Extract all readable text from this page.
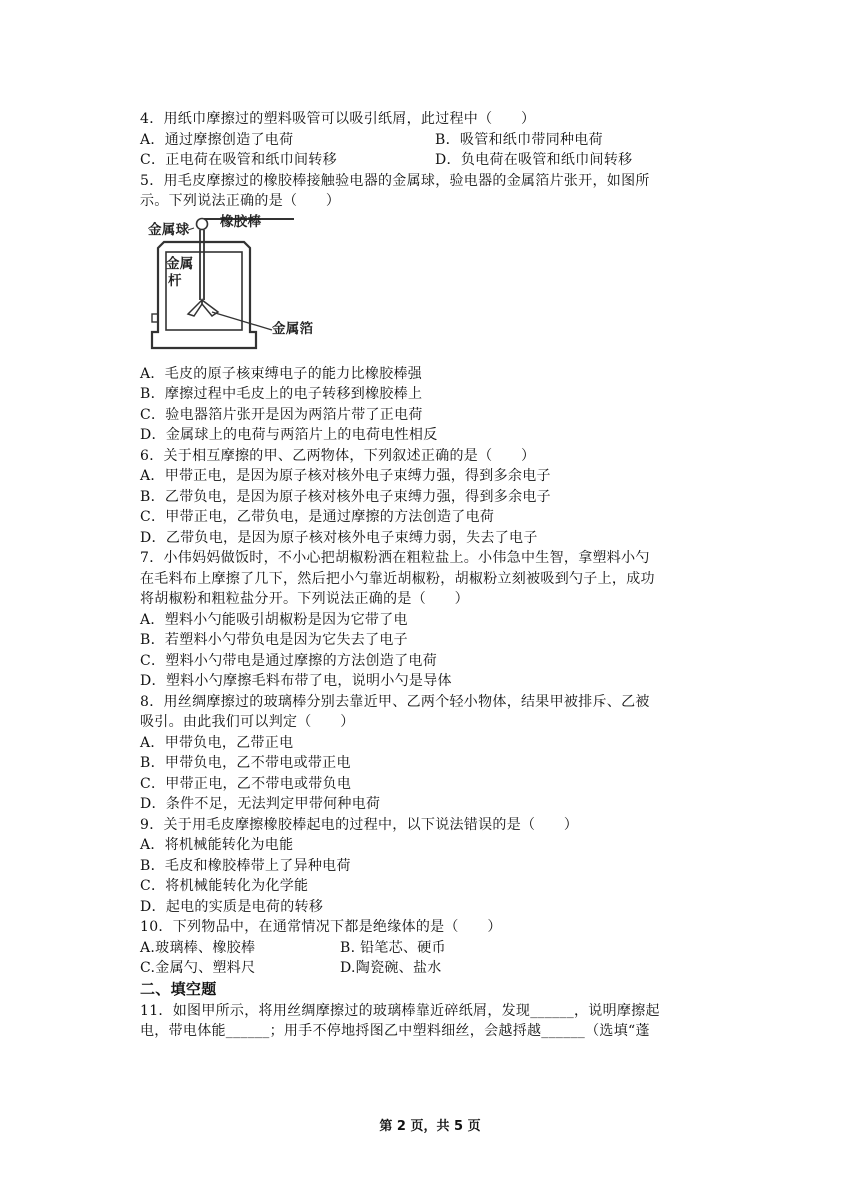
4．用纸巾摩擦过的塑料吸管可以吸引纸屑，此过程中（　　）
A．通过摩擦创造了电荷	B．吸管和纸巾带同种电荷
C．正电荷在吸管和纸巾间转移	D．负电荷在吸管和纸巾间转移
5．用毛皮摩擦过的橡胶棒接触验电器的金属球，验电器的金属箔片张开，如图所
示。下列说法正确的是（　　）
金属球 橡胶棒
金属
杆
金属箔
A．毛皮的原子核束缚电子的能力比橡胶棒强
B．摩擦过程中毛皮上的电子转移到橡胶棒上
C．验电器箔片张开是因为两箔片带了正电荷
D．金属球上的电荷与两箔片上的电荷电性相反
6．关于相互摩擦的甲、乙两物体，下列叙述正确的是（　　）
A．甲带正电，是因为原子核对核外电子束缚力强，得到多余电子
B．乙带负电，是因为原子核对核外电子束缚力强，得到多余电子
C．甲带正电，乙带负电，是通过摩擦的方法创造了电荷
D．乙带负电，是因为原子核对核外电子束缚力弱，失去了电子
7．小伟妈妈做饭时，不小心把胡椒粉洒在粗粒盐上。小伟急中生智，拿塑料小勺
在毛料布上摩擦了几下，然后把小勺靠近胡椒粉，胡椒粉立刻被吸到勺子上，成功
将胡椒粉和粗粒盐分开。下列说法正确的是（　　）
A．塑料小勺能吸引胡椒粉是因为它带了电
B．若塑料小勺带负电是因为它失去了电子
C．塑料小勺带电是通过摩擦的方法创造了电荷
D．塑料小勺摩擦毛料布带了电，说明小勺是导体
8．用丝绸摩擦过的玻璃棒分别去靠近甲、乙两个轻小物体，结果甲被排斥、乙被
吸引。由此我们可以判定（　　）
A．甲带负电，乙带正电
B．甲带负电，乙不带电或带正电
C．甲带正电，乙不带电或带负电
D．条件不足，无法判定甲带何种电荷
9．关于用毛皮摩擦橡胶棒起电的过程中，以下说法错误的是（　　）
A．将机械能转化为电能
B．毛皮和橡胶棒带上了异种电荷
C．将机械能转化为化学能
D．起电的实质是电荷的转移
10．下列物品中，在通常情况下都是绝缘体的是（　　）
A.玻璃棒、橡胶棒	B. 铅笔芯、硬币
C.金属勺、塑料尺	D.陶瓷碗、盐水
二、填空题
11．如图甲所示，将用丝绸摩擦过的玻璃棒靠近碎纸屑，发现______，说明摩擦起
电，带电体能______；用手不停地捋图乙中塑料细丝，会越捋越______（选填“蓬
第 2 页，共 5 页
